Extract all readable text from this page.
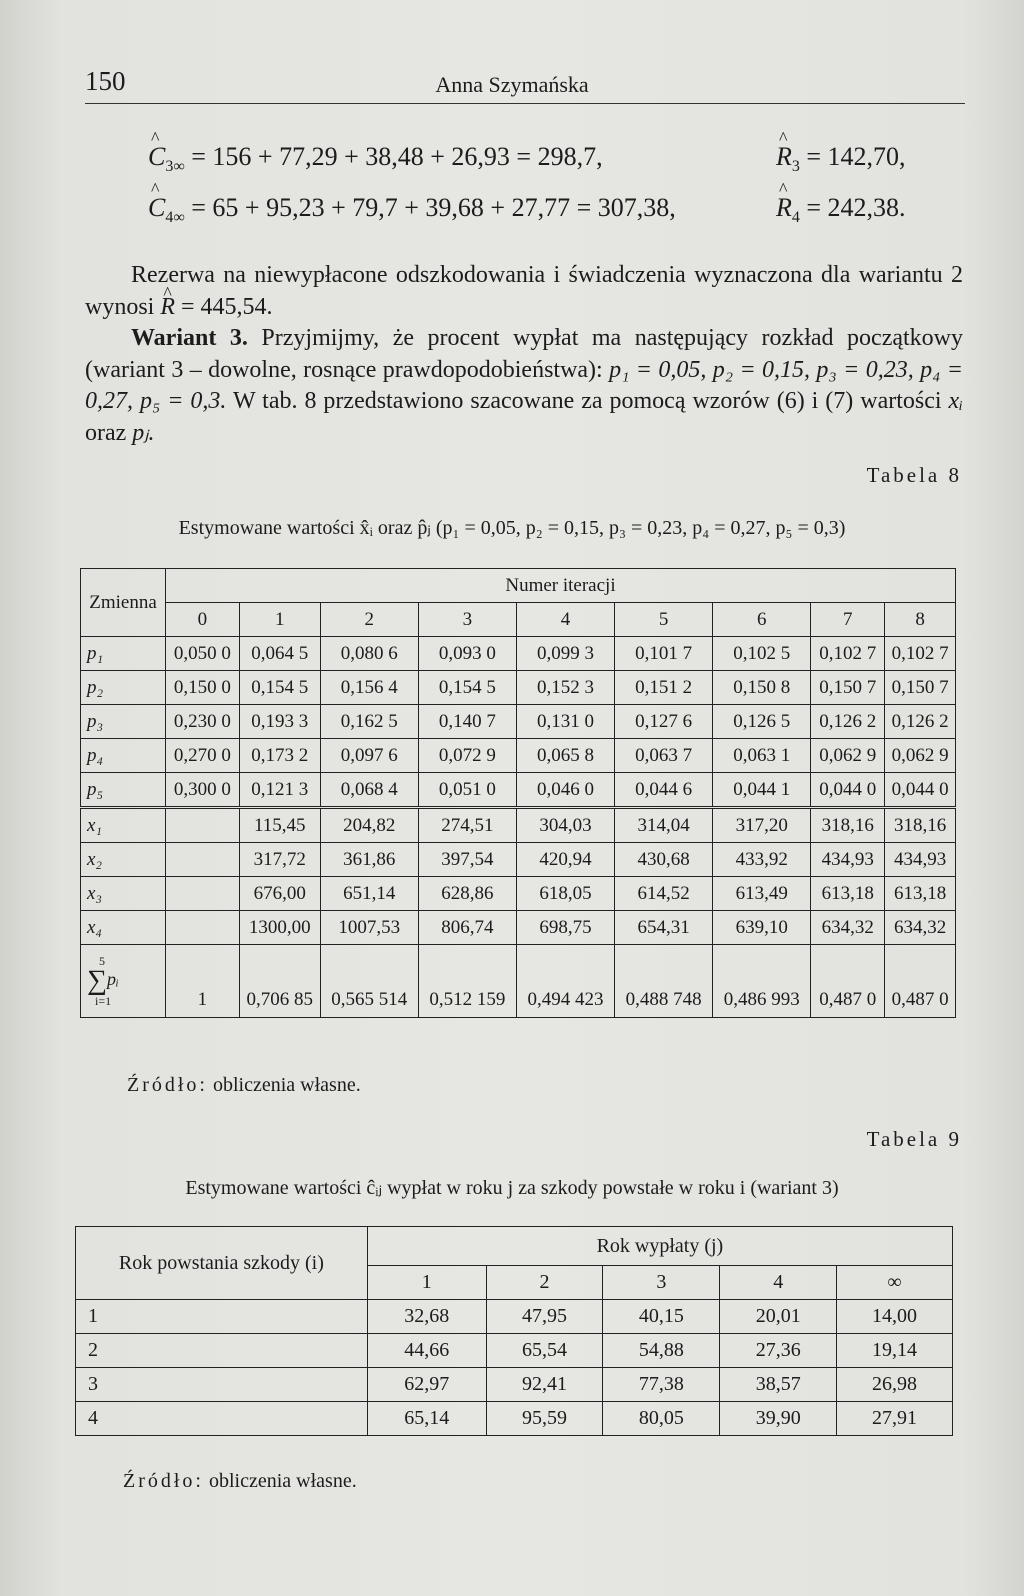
150	Anna Szymańska
^ $C_{3\infty} = 156 + 77,29 + 38,48 + 26,93 = 298,7$,	^ $R_3 = 142,70$,
^ $C_{4\infty} = 65 + 95,23 + 79,7 + 39,68 + 27,77 = 307,38$,	^ $R_4 = 242,38$.
Rezerwa na niewypłacone odszkodowania i świadczenia wyznaczona dla wariantu 2 wynosi ^ R = 445,54.
Wariant 3. Przyjmijmy, że procent wypłat ma następujący rozkład początkowy (wariant 3 – dowolne, rosnące prawdopodobieństwa): p₁ = 0,05, p₂ = 0,15, p₃ = 0,23, p₄ = 0,27, p₅ = 0,3. W tab. 8 przedstawiono szacowane za pomocą wzorów (6) i (7) wartości xᵢ oraz pⱼ.
Tabela 8
Estymowane wartości x̂ᵢ oraz p̂ⱼ (p₁ = 0,05, p₂ = 0,15, p₃ = 0,23, p₄ = 0,27, p₅ = 0,3)
Zmienna	Numer iteracji								
	0	1	2	3	4	5	6	7	8
p₁	0,050 0	0,064 5	0,080 6	0,093 0	0,099 3	0,101 7	0,102 5	0,102 7	0,102 7
p₂	0,150 0	0,154 5	0,156 4	0,154 5	0,152 3	0,151 2	0,150 8	0,150 7	0,150 7
p₃	0,230 0	0,193 3	0,162 5	0,140 7	0,131 0	0,127 6	0,126 5	0,126 2	0,126 2
p₄	0,270 0	0,173 2	0,097 6	0,072 9	0,065 8	0,063 7	0,063 1	0,062 9	0,062 9
p₅	0,300 0	0,121 3	0,068 4	0,051 0	0,046 0	0,044 6	0,044 1	0,044 0	0,044 0
x₁		115,45	204,82	274,51	304,03	314,04	317,20	318,16	318,16
x₂		317,72	361,86	397,54	420,94	430,68	433,92	434,93	434,93
x₃		676,00	651,14	628,86	618,05	614,52	613,49	613,18	613,18
x₄		1300,00	1007,53	806,74	698,75	654,31	639,10	634,32	634,32

5
∑pᵢ
i=1	1	0,706 85	0,565 514	0,512 159	0,494 423	0,488 748	0,486 993	0,487 0	0,487 0
Źródło: obliczenia własne.
Tabela 9
Estymowane wartości ĉᵢⱼ wypłat w roku j za szkody powstałe w roku i (wariant 3)
Rok powstania szkody (i)	Rok wypłaty (j)				
	1	2	3	4	∞
1	32,68	47,95	40,15	20,01	14,00
2	44,66	65,54	54,88	27,36	19,14
3	62,97	92,41	77,38	38,57	26,98
4	65,14	95,59	80,05	39,90	27,91
Źródło: obliczenia własne.
